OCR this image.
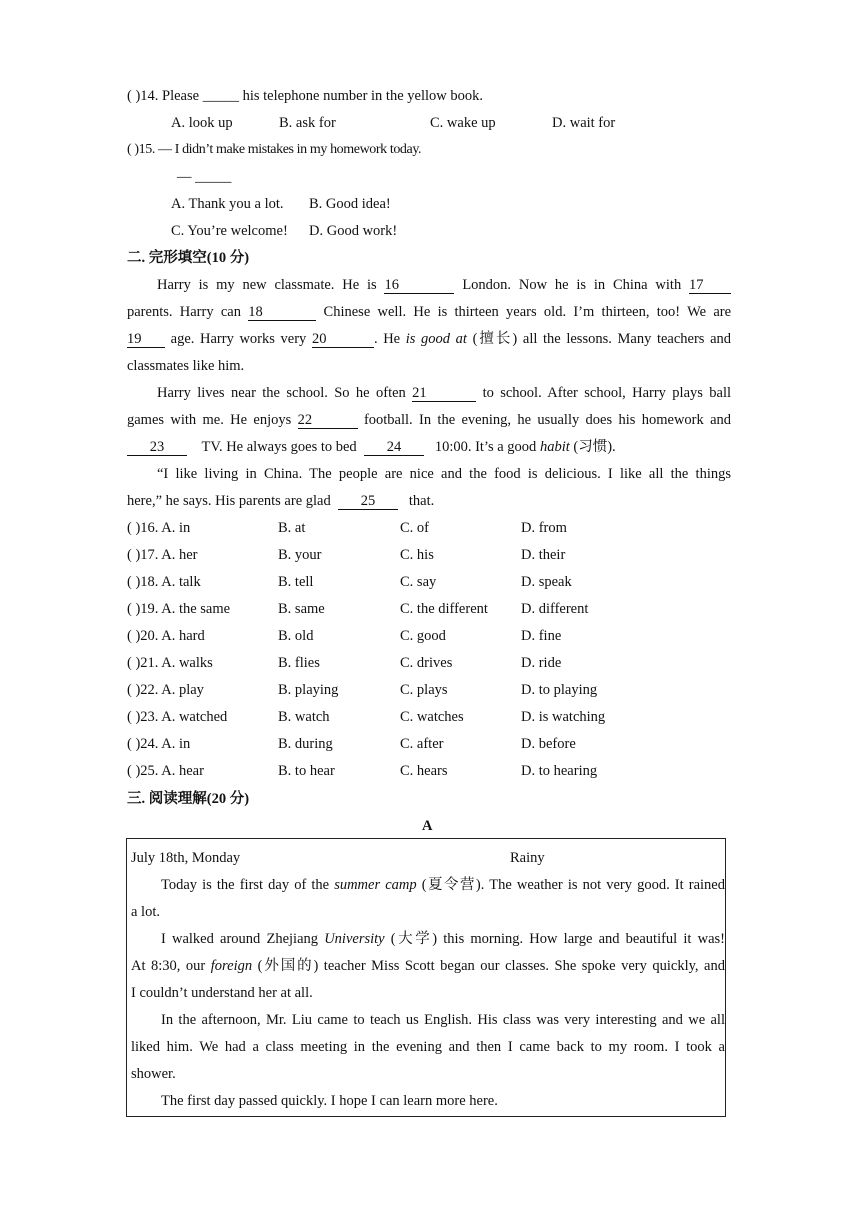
( )14. Please _____ his telephone number in the yellow book.
A. look up	B. ask for	C. wake up	D. wait for
( )15. — I didn’t make mistakes in my homework today.
— _____
A. Thank you a lot. B. Good idea!
C. You’re welcome! D. Good work!
二. 完形填空(10 分)
Harry is my new classmate. He is 16	London. Now he is in China with 17
parents. Harry can 18	Chinese well. He is thirteen years old. I’m thirteen, too! We are
19 age. Harry works very 20	. He is good at (擅长) all the lessons. Many teachers and
classmates like him.
Harry lives near the school. So he often 21	to school. After school, Harry plays ball
games with me. He enjoys 22	football. In the evening, he usually does his homework and
23	TV. He always goes to bed 24 10:00. It’s a good habit (习惯).
“I like living in China. The people are nice and the food is delicious. I like all the things
here,” he says. His parents are glad 25 that.
( )16. A. in	B. at	C. of	D. from
( )17. A. her	B. your	C. his	D. their
( )18. A. talk	B. tell	C. say	D. speak
( )19. A. the same	B. same	C. the different D. different
( )20. A. hard	B. old	C. good	D. fine
( )21. A. walks	B. flies	C. drives	D. ride
( )22. A. play	B. playing	C. plays	D. to playing
( )23. A. watched	B. watch	C. watches	D. is watching
( )24. A. in	B. during	C. after	D. before
( )25. A. hear	B. to hear	C. hears	D. to hearing
三. 阅读理解(20 分)
A
July 18th, Monday	Rainy
Today is the first day of the summer camp (夏令营). The weather is not very good. It rained
a lot.
I walked around Zhejiang University (大学) this morning. How large and beautiful it was!
At 8:30, our foreign (外国的) teacher Miss Scott began our classes. She spoke very quickly, and
I couldn’t understand her at all.
In the afternoon, Mr. Liu came to teach us English. His class was very interesting and we all
liked him. We had a class meeting in the evening and then I came back to my room. I took a
shower.
The first day passed quickly. I hope I can learn more here.
